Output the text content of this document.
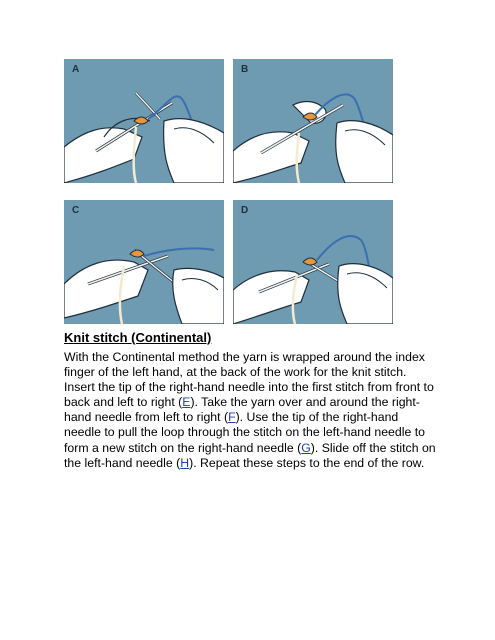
A	B
C	D
Knit stitch (Continental)
With the Continental method the yarn is wrapped around the index finger of the left hand, at the back of the work for the knit stitch. Insert the tip of the right-hand needle into the first stitch from front to back and left to right (E). Take the yarn over and around the right-hand needle from left to right (F). Use the tip of the right-hand needle to pull the loop through the stitch on the left-hand needle to form a new stitch on the right-hand needle (G). Slide off the stitch on the left-hand needle (H). Repeat these steps to the end of the row.
